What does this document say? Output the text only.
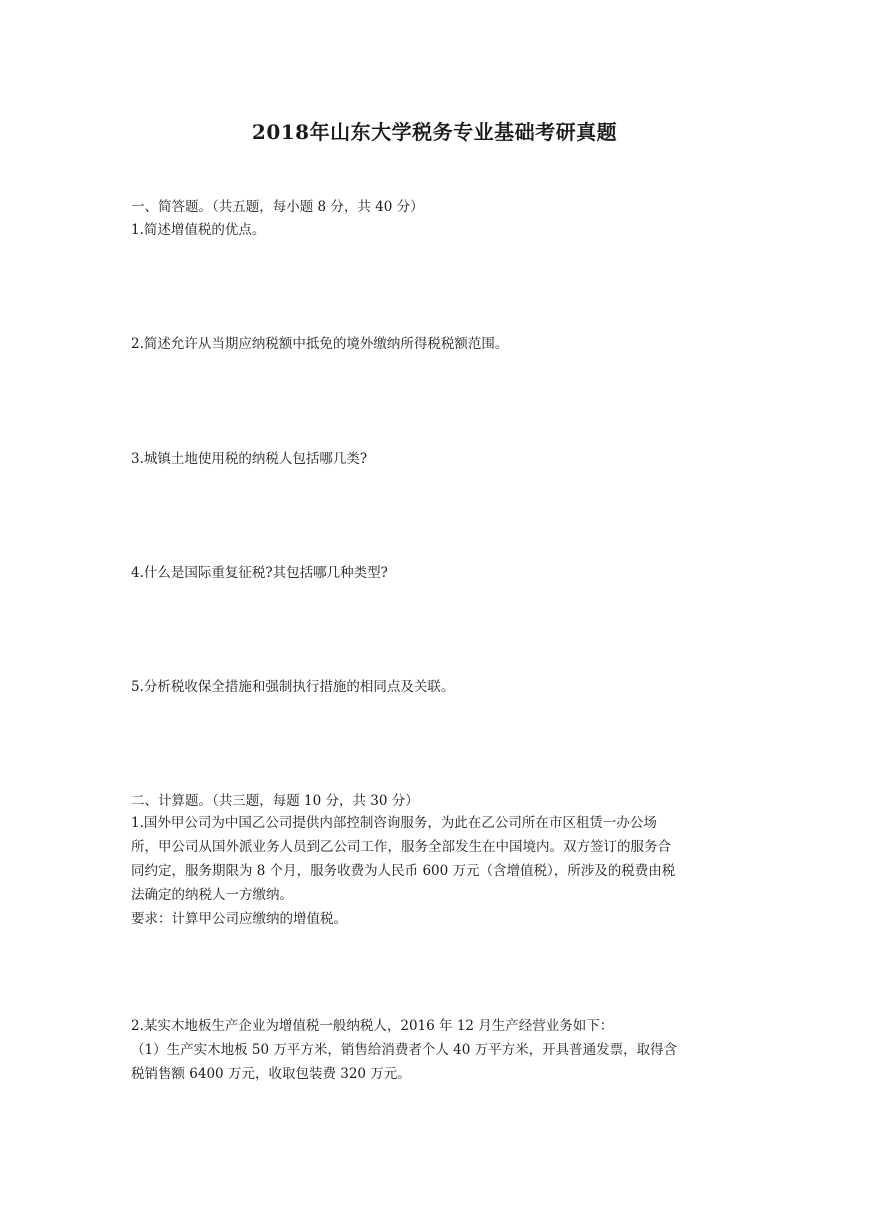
2018年山东大学税务专业基础考研真题
一、简答题。（共五题，每小题 8 分，共 40 分）
1.简述增值税的优点。
2.简述允许从当期应纳税额中抵免的境外缴纳所得税税额范围。
3.城镇土地使用税的纳税人包括哪几类?
4.什么是国际重复征税?其包括哪几种类型?
5.分析税收保全措施和强制执行措施的相同点及关联。
二、计算题。（共三题，每题 10 分，共 30 分）
1.国外甲公司为中国乙公司提供内部控制咨询服务，为此在乙公司所在市区租赁一办公场
所，甲公司从国外派业务人员到乙公司工作，服务全部发生在中国境内。双方签订的服务合
同约定，服务期限为 8 个月，服务收费为人民币 600 万元（含增值税），所涉及的税费由税
法确定的纳税人一方缴纳。
要求：计算甲公司应缴纳的增值税。
2.某实木地板生产企业为增值税一般纳税人，2016 年 12 月生产经营业务如下：
（1）生产实木地板 50 万平方米，销售给消费者个人 40 万平方米，开具普通发票，取得含
税销售额 6400 万元，收取包装费 320 万元。
